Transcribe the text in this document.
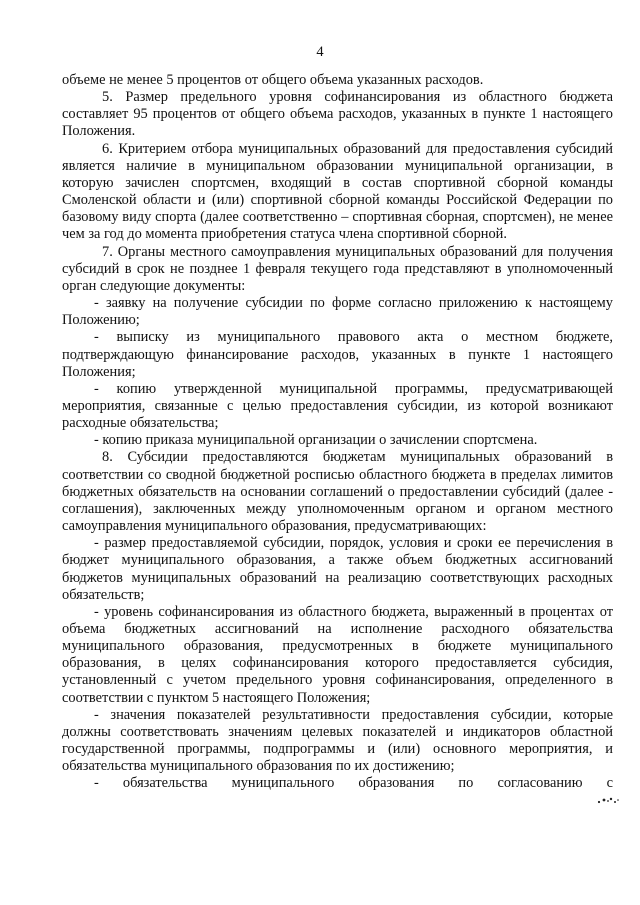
4

объеме не менее 5 процентов от общего объема указанных расходов.

5. Размер предельного уровня софинансирования из областного бюджета составляет 95 процентов от общего объема расходов, указанных в пункте 1 настоящего Положения.

6. Критерием отбора муниципальных образований для предоставления субсидий является наличие в муниципальном образовании муниципальной организации, в которую зачислен спортсмен, входящий в состав спортивной сборной команды Смоленской области и (или) спортивной сборной команды Российской Федерации по базовому виду спорта (далее соответственно – спортивная сборная, спортсмен), не менее чем за год до момента приобретения статуса члена спортивной сборной.

7. Органы местного самоуправления муниципальных образований для получения субсидий в срок не позднее 1 февраля текущего года представляют в уполномоченный орган следующие документы:

- заявку на получение субсидии по форме согласно приложению к настоящему Положению;

- выписку из муниципального правового акта о местном бюджете, подтверждающую финансирование расходов, указанных в пункте 1 настоящего Положения;

- копию утвержденной муниципальной программы, предусматривающей мероприятия, связанные с целью предоставления субсидии, из которой возникают расходные обязательства;

- копию приказа муниципальной организации о зачислении спортсмена.

8. Субсидии предоставляются бюджетам муниципальных образований в соответствии со сводной бюджетной росписью областного бюджета в пределах лимитов бюджетных обязательств на основании соглашений о предоставлении субсидий (далее - соглашения), заключенных между уполномоченным органом и органом местного самоуправления муниципального образования, предусматривающих:

- размер предоставляемой субсидии, порядок, условия и сроки ее перечисления в бюджет муниципального образования, а также объем бюджетных ассигнований бюджетов муниципальных образований на реализацию соответствующих расходных обязательств;

- уровень софинансирования из областного бюджета, выраженный в процентах от объема бюджетных ассигнований на исполнение расходного обязательства муниципального образования, предусмотренных в бюджете муниципального образования, в целях софинансирования которого предоставляется субсидия, установленный с учетом предельного уровня софинансирования, определенного в соответствии с пунктом 5 настоящего Положения;

- значения показателей результативности предоставления субсидии, которые должны соответствовать значениям целевых показателей и индикаторов областной государственной программы, подпрограммы и (или) основного мероприятия, и обязательства муниципального образования по их достижению;

- обязательства муниципального образования по согласованию с
